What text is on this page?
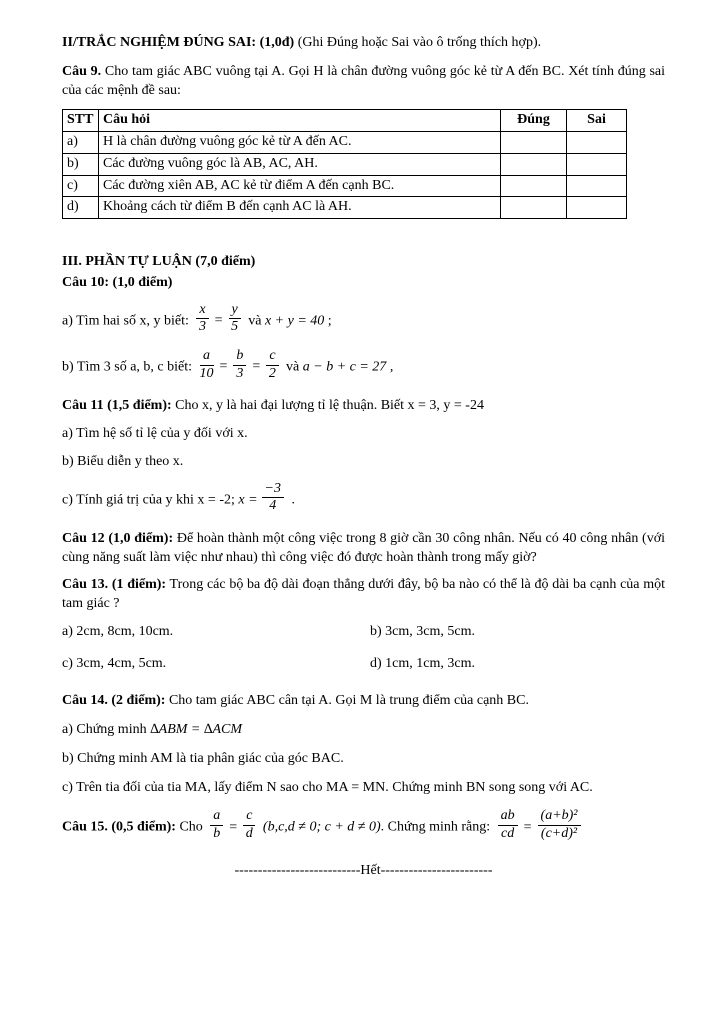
II/TRẮC NGHIỆM ĐÚNG SAI: (1,0đ) (Ghi Đúng hoặc Sai vào ô trống thích hợp).

Câu 9. Cho tam giác ABC vuông tại A. Gọi H là chân đường vuông góc kẻ từ A đến BC. Xét tính đúng sai của các mệnh đề sau:

STT	Câu hỏi	Đúng	Sai
a)	H là chân đường vuông góc kẻ từ A đến AC.		
b)	Các đường vuông góc là AB, AC, AH.		
c)	Các đường xiên AB, AC kẻ từ điểm A đến cạnh BC.		
d)	Khoảng cách từ điểm B đến cạnh AC là AH.		

III. PHẦN TỰ LUẬN (7,0 điểm)

Câu 10: (1,0 điểm)

a) Tìm hai số x, y biết: $\frac{x}{3} = \frac{y}{5}$ và x + y = 40 ;

b) Tìm 3 số a, b, c biết: $\frac{a}{10} = \frac{b}{3} = \frac{c}{2}$ và a − b + c = 27 ,

Câu 11 (1,5 điểm): Cho x, y là hai đại lượng tỉ lệ thuận. Biết x = 3, y = -24

a) Tìm hệ số tỉ lệ của y đối với x.

b) Biểu diễn y theo x.

c) Tính giá trị của y khi x = -2; $x = \frac{-3}{4}$ .

Câu 12 (1,0 điểm): Để hoàn thành một công việc trong 8 giờ cần 30 công nhân. Nếu có 40 công nhân (với cùng năng suất làm việc như nhau) thì công việc đó được hoàn thành trong mấy giờ?

Câu 13. (1 điểm): Trong các bộ ba độ dài đoạn thẳng dưới đây, bộ ba nào có thể là độ dài ba cạnh của một tam giác ?

a) 2cm, 8cm, 10cm.	b) 3cm, 3cm, 5cm.

c) 3cm, 4cm, 5cm.	d) 1cm, 1cm, 3cm.

Câu 14. (2 điểm): Cho tam giác ABC cân tại A. Gọi M là trung điểm của cạnh BC.

a) Chứng minh ∆ABM = ∆ACM

b) Chứng minh AM là tia phân giác của góc BAC.

c) Trên tia đối của tia MA, lấy điểm N sao cho MA = MN. Chứng minh BN song song với AC.

Câu 15. (0,5 điểm): Cho $\frac{a}{b} = \frac{c}{d} (b,c,d \ne 0$; c + d ≠ 0). Chứng minh rằng: $\frac{ab}{cd} = \frac{\text{(a+b)²}}{\text{(c+d)²}}$

---------------------------Hết------------------------
